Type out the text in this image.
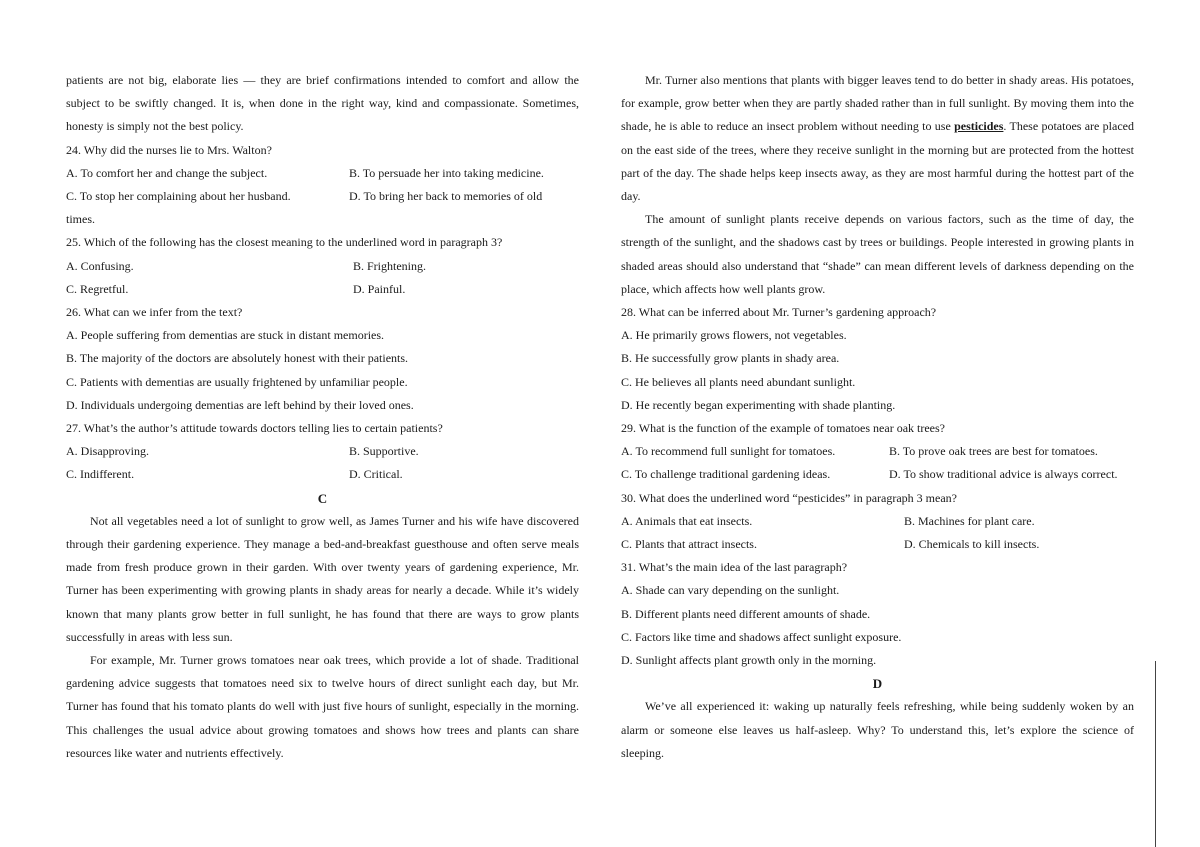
patients are not big, elaborate lies — they are brief confirmations intended to comfort and allow the subject to be swiftly changed. It is, when done in the right way, kind and compassionate. Sometimes, honesty is simply not the best policy.

24. Why did the nurses lie to Mrs. Walton?

A. To comfort her and change the subject.	B. To persuade her into taking medicine.
C. To stop her complaining about her husband.	D. To bring her back to memories of old

times.

25. Which of the following has the closest meaning to the underlined word in paragraph 3?

A. Confusing.	B. Frightening.
C. Regretful.	D. Painful.

26. What can we infer from the text?

A. People suffering from dementias are stuck in distant memories.

B. The majority of the doctors are absolutely honest with their patients.

C. Patients with dementias are usually frightened by unfamiliar people.

D. Individuals undergoing dementias are left behind by their loved ones.

27. What’s the author’s attitude towards doctors telling lies to certain patients?

A. Disapproving.	B. Supportive.
C. Indifferent.	D. Critical.

C

Not all vegetables need a lot of sunlight to grow well, as James Turner and his wife have discovered through their gardening experience. They manage a bed-and-breakfast guesthouse and often serve meals made from fresh produce grown in their garden. With over twenty years of gardening experience, Mr. Turner has been experimenting with growing plants in shady areas for nearly a decade. While it’s widely known that many plants grow better in full sunlight, he has found that there are ways to grow plants successfully in areas with less sun.

For example, Mr. Turner grows tomatoes near oak trees, which provide a lot of shade. Traditional gardening advice suggests that tomatoes need six to twelve hours of direct sunlight each day, but Mr. Turner has found that his tomato plants do well with just five hours of sunlight, especially in the morning. This challenges the usual advice about growing tomatoes and shows how trees and plants can share resources like water and nutrients effectively.

Mr. Turner also mentions that plants with bigger leaves tend to do better in shady areas. His potatoes, for example, grow better when they are partly shaded rather than in full sunlight. By moving them into the shade, he is able to reduce an insect problem without needing to use pesticides. These potatoes are placed on the east side of the trees, where they receive sunlight in the morning but are protected from the hottest part of the day. The shade helps keep insects away, as they are most harmful during the hottest part of the day.

The amount of sunlight plants receive depends on various factors, such as the time of day, the strength of the sunlight, and the shadows cast by trees or buildings. People interested in growing plants in shaded areas should also understand that “shade” can mean different levels of darkness depending on the place, which affects how well plants grow.

28. What can be inferred about Mr. Turner’s gardening approach?

A. He primarily grows flowers, not vegetables.

B. He successfully grow plants in shady area.

C. He believes all plants need abundant sunlight.

D. He recently began experimenting with shade planting.

29. What is the function of the example of tomatoes near oak trees?

A. To recommend full sunlight for tomatoes.	B. To prove oak trees are best for tomatoes.
C. To challenge traditional gardening ideas.	D. To show traditional advice is always correct.

30. What does the underlined word “pesticides” in paragraph 3 mean?

A. Animals that eat insects.	B. Machines for plant care.
C. Plants that attract insects.	D. Chemicals to kill insects.

31. What’s the main idea of the last paragraph?

A. Shade can vary depending on the sunlight.

B. Different plants need different amounts of shade.

C. Factors like time and shadows affect sunlight exposure.

D. Sunlight affects plant growth only in the morning.

D

We’ve all experienced it: waking up naturally feels refreshing, while being suddenly woken by an alarm or someone else leaves us half-asleep. Why? To understand this, let’s explore the science of sleeping.
